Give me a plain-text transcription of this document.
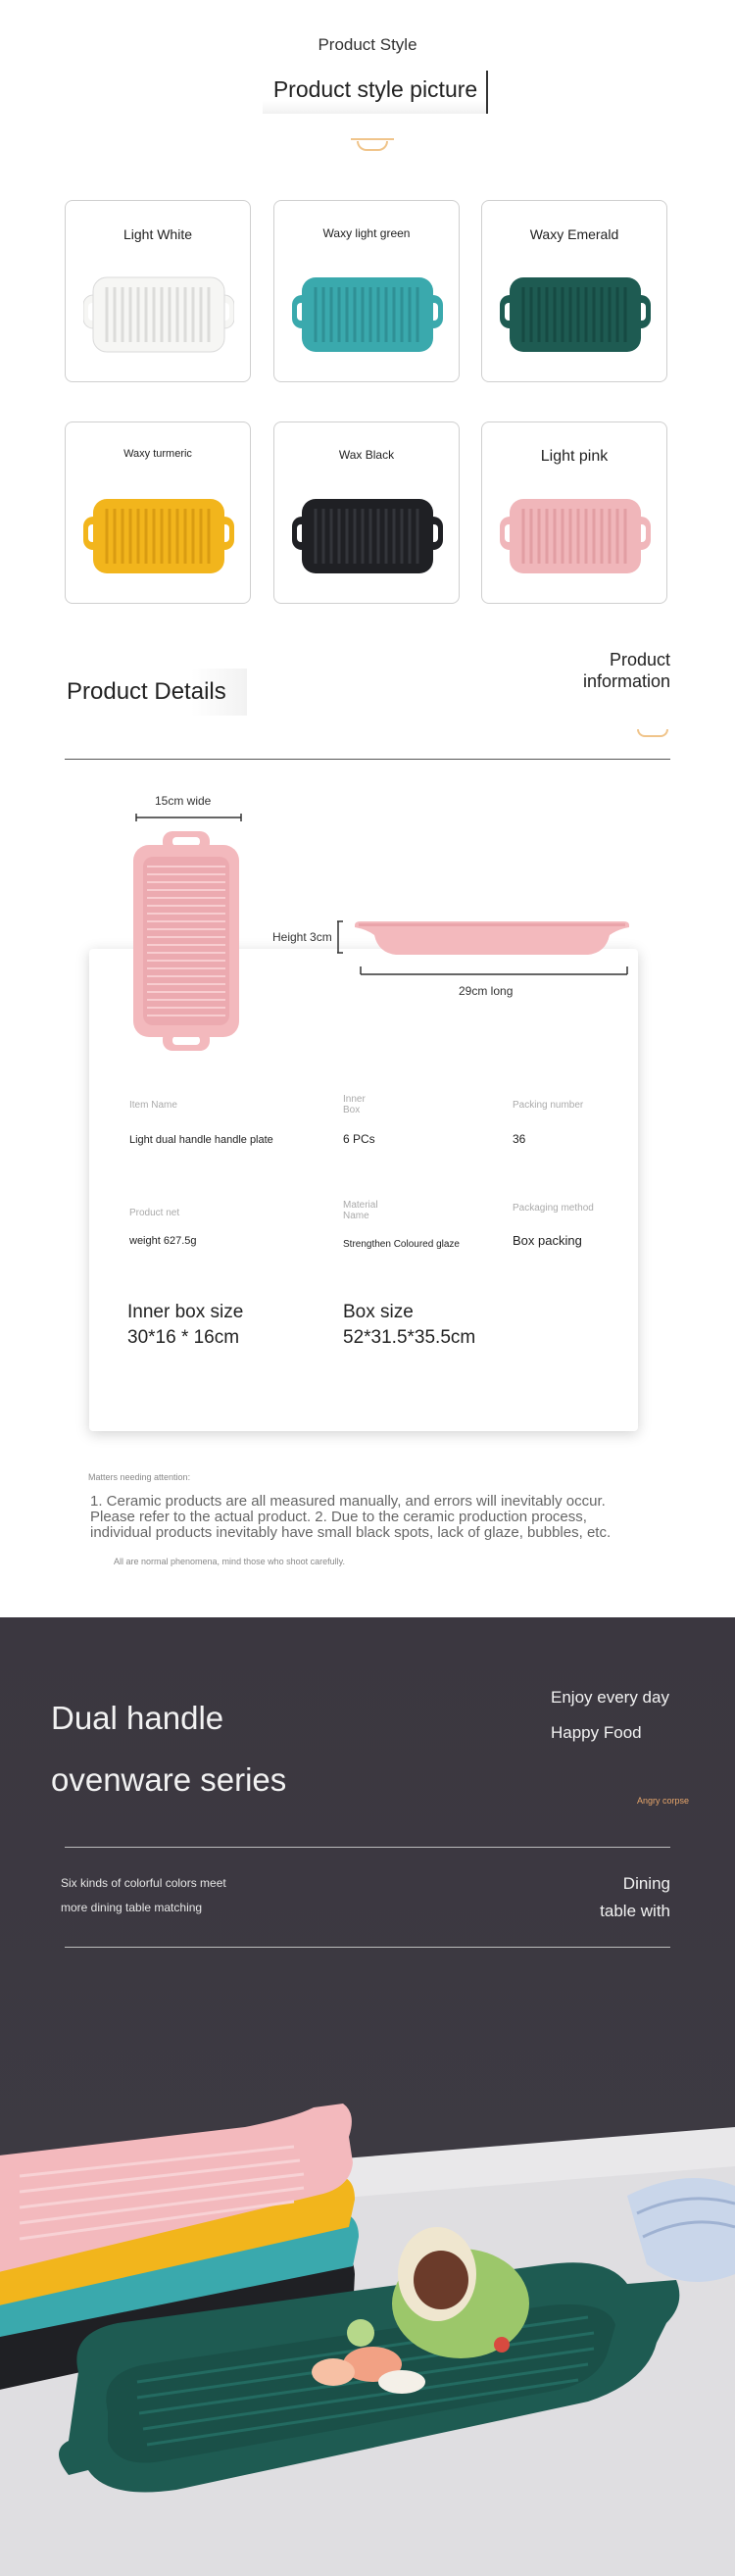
Product Style
Product style picture
Light White	Waxy light green	Waxy Emerald
Waxy turmeric	Wax Black	Light pink
Product Details
Product
information
15cm wide
Height 3cm
29cm long
Item Name
Light dual handle handle plate
Inner
Box
6 PCs
Packing number
36
Product net
weight 627.5g
Material
Name
Strengthen Coloured glaze
Packaging method
Box packing
Inner box size
30*16 * 16cm
Box size
52*31.5*35.5cm
Matters needing attention:
1. Ceramic products are all measured manually, and errors will inevitably occur. Please refer to the actual product. 2. Due to the ceramic production process, individual products inevitably have small black spots, lack of glaze, bubbles, etc.
All are normal phenomena, mind those who shoot carefully.
Dual handle
ovenware series
Enjoy every day
Happy Food
Angry corpse
Six kinds of colorful colors meet
more dining table matching
Dining
table with
